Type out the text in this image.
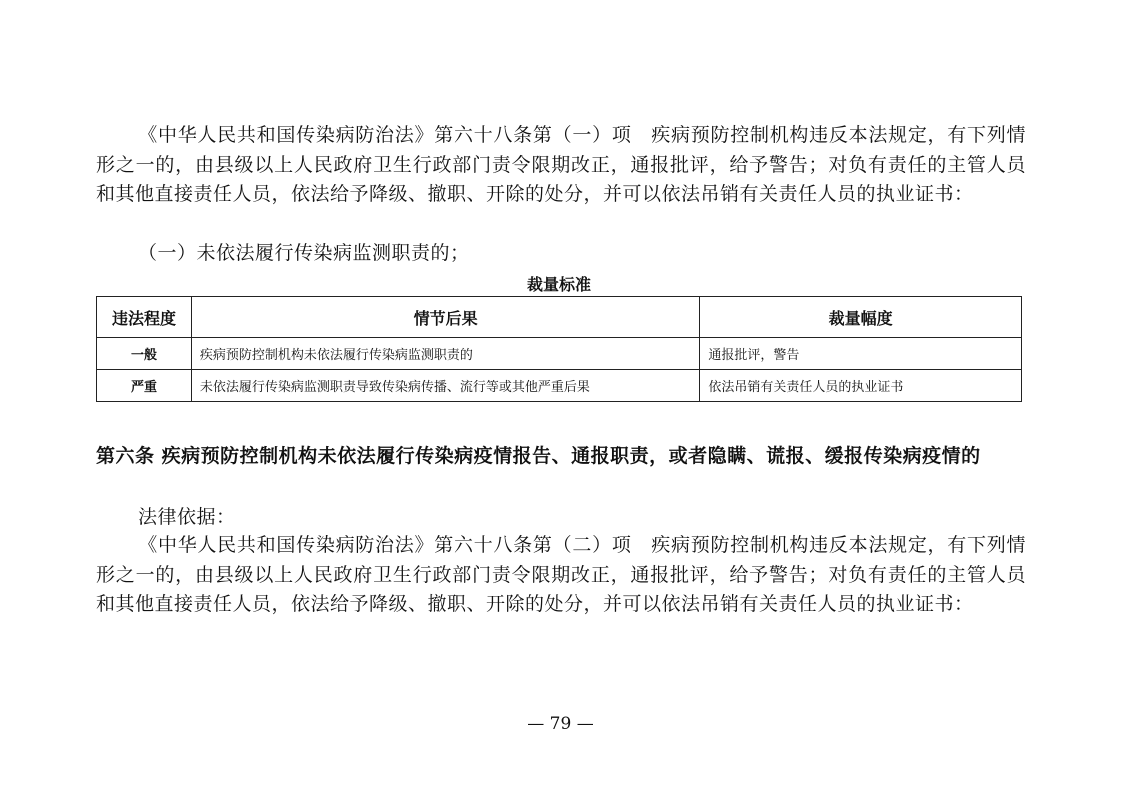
《中华人民共和国传染病防治法》第六十八条第（一）项　疾病预防控制机构违反本法规定，有下列情形之一的，由县级以上人民政府卫生行政部门责令限期改正，通报批评，给予警告；对负有责任的主管人员和其他直接责任人员，依法给予降级、撤职、开除的处分，并可以依法吊销有关责任人员的执业证书：

（一）未依法履行传染病监测职责的；
裁量标准
违法程度	情节后果	裁量幅度
一般	疾病预防控制机构未依法履行传染病监测职责的	通报批评，警告
严重	未依法履行传染病监测职责导致传染病传播、流行等或其他严重后果	依法吊销有关责任人员的执业证书

第六条 疾病预防控制机构未依法履行传染病疫情报告、通报职责，或者隐瞒、谎报、缓报传染病疫情的

法律依据：

《中华人民共和国传染病防治法》第六十八条第（二）项　疾病预防控制机构违反本法规定，有下列情形之一的，由县级以上人民政府卫生行政部门责令限期改正，通报批评，给予警告；对负有责任的主管人员和其他直接责任人员，依法给予降级、撤职、开除的处分，并可以依法吊销有关责任人员的执业证书：

— 79 —
